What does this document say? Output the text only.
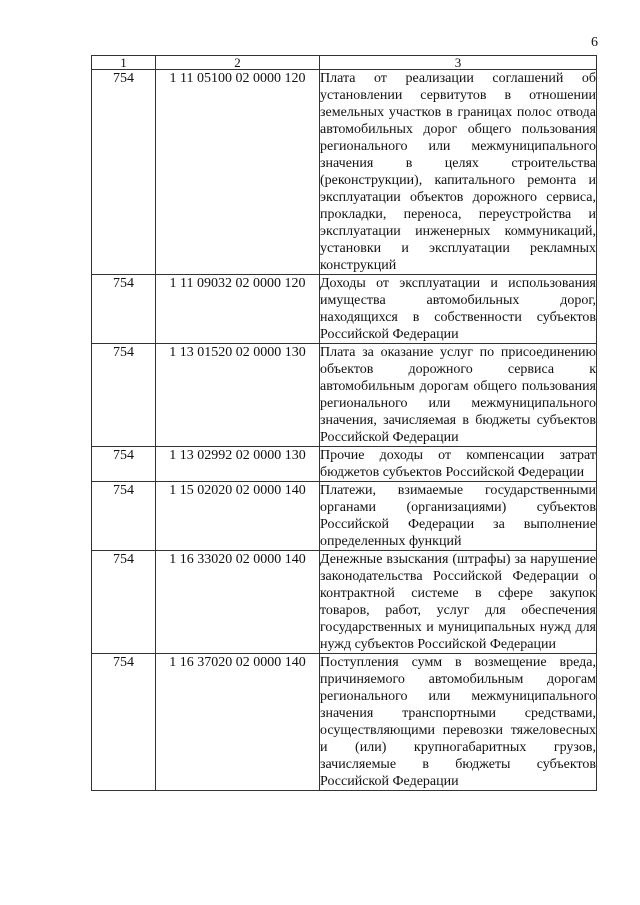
6
1	2	3
754	1 11 05100 02 0000 120	Плата от реализации соглашений об установлении сервитутов в отношении земельных участков в границах полос отвода автомобильных дорог общего пользования регионального или межмуниципального значения в целях строительства (реконструкции), капитального ремонта и эксплуатации объектов дорожного сервиса, прокладки, переноса, переустройства и эксплуатации инженерных коммуникаций, установки и эксплуатации рекламных конструкций
754	1 11 09032 02 0000 120	Доходы от эксплуатации и использования имущества автомобильных дорог, находящихся в собственности субъектов Российской Федерации
754	1 13 01520 02 0000 130	Плата за оказание услуг по присоединению объектов дорожного сервиса к автомобильным дорогам общего пользования регионального или межмуниципального значения, зачисляемая в бюджеты субъектов Российской Федерации
754	1 13 02992 02 0000 130	Прочие доходы от компенсации затрат бюджетов субъектов Российской Федерации
754	1 15 02020 02 0000 140	Платежи, взимаемые государственными органами (организациями) субъектов Российской Федерации за выполнение определенных функций
754	1 16 33020 02 0000 140	Денежные взыскания (штрафы) за нарушение законодательства Российской Федерации о контрактной системе в сфере закупок товаров, работ, услуг для обеспечения государственных и муниципальных нужд для нужд субъектов Российской Федерации
754	1 16 37020 02 0000 140	Поступления сумм в возмещение вреда, причиняемого автомобильным дорогам регионального или межмуниципального значения транспортными средствами, осуществляющими перевозки тяжеловесных и (или) крупногабаритных грузов, зачисляемые в бюджеты субъектов Российской Федерации
